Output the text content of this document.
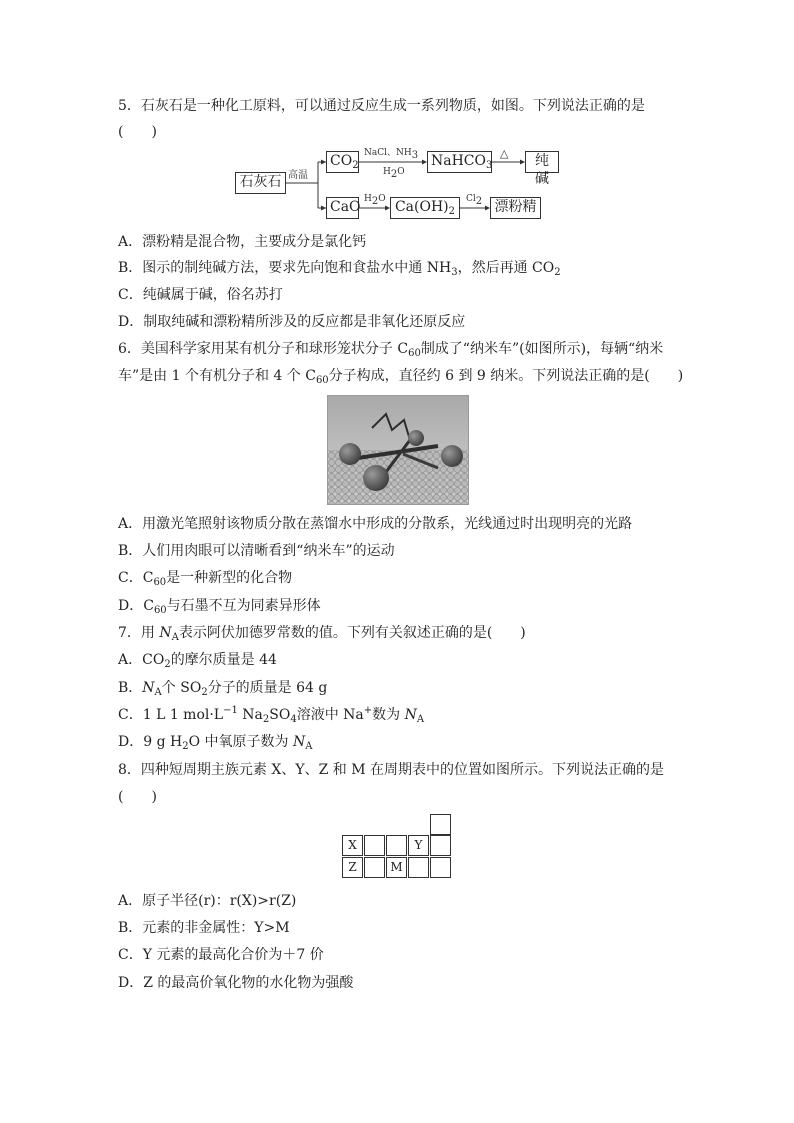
5．石灰石是一种化工原料，可以通过反应生成一系列物质，如图。下列说法正确的是
(　　)
石灰石 高温
$CO_2$
NaCl、$NH_3$
$H_2O$
NaHCO$_3$
△	纯碱
CaO $H_2O$ $Ca(OH)_2$
$Cl_2$ 漂粉精
A．漂粉精是混合物，主要成分是氯化钙
B．图示的制纯碱方法，要求先向饱和食盐水中通 $NH_3$，然后再通 $CO_2$
C．纯碱属于碱，俗名苏打
D．制取纯碱和漂粉精所涉及的反应都是非氧化还原反应
6．美国科学家用某有机分子和球形笼状分子 $C_{60}$制成了“纳米车”(如图所示)，每辆“纳米
车”是由 1 个有机分子和 4 个 $C_{60}$分子构成，直径约 6 到 9 纳米。下列说法正确的是(　　)
A．用激光笔照射该物质分散在蒸馏水中形成的分散系，光线通过时出现明亮的光路
B．人们用肉眼可以清晰看到“纳米车”的运动
C．$C_{60}$是一种新型的化合物
D．$C_{60}$与石墨不互为同素异形体
7．用 $N_A$表示阿伏加德罗常数的值。下列有关叙述正确的是(　　)
A．$CO_2$的摩尔质量是 44
B．$N_A$个 $SO_2$分子的质量是 64 g
C．1 L 1 $mol\cdot L^{-1}$ $Na_2SO_4$溶液中 Na+数为 $N_A$
D．9 g $H_2O$ 中氧原子数为 $N_A$
8．四种短周期主族元素 X、Y、Z 和 M 在周期表中的位置如图所示。下列说法正确的是
(　　)
X	Y
Z	M
A．原子半径(r)：r(X)>r(Z)
B．元素的非金属性：Y>M
C．Y 元素的最高化合价为＋7 价
D．Z 的最高价氧化物的水化物为强酸
